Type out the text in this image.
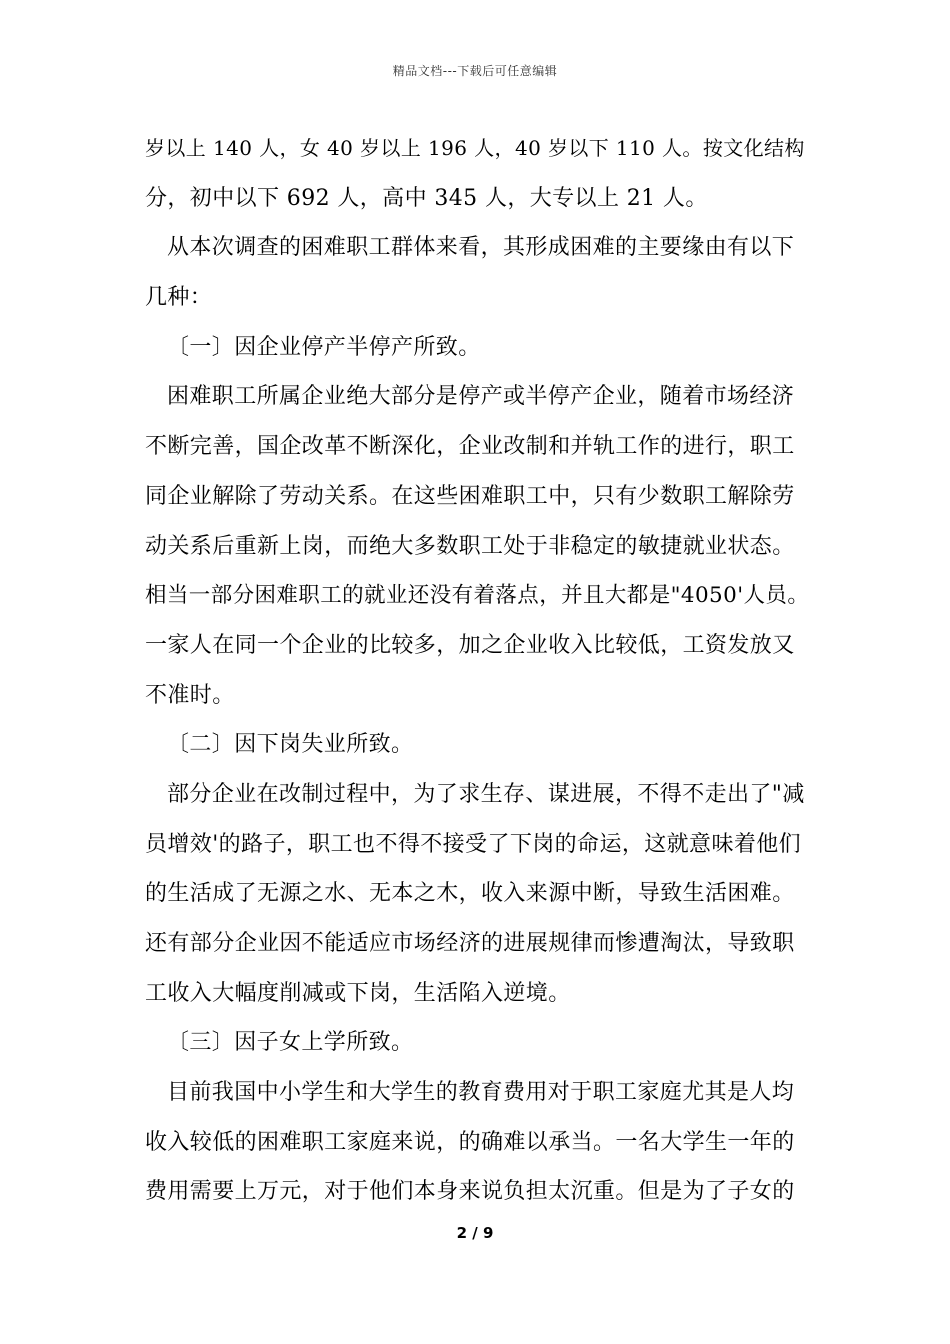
精品文档---下载后可任意编辑
岁以上 140 人，女 40 岁以上 196 人，40 岁以下 110 人。按文化结构
分，初中以下 692 人，高中 345 人，大专以上 21 人。
从本次调查的困难职工群体来看，其形成困难的主要缘由有以下
几种：
〔一〕因企业停产半停产所致。
困难职工所属企业绝大部分是停产或半停产企业，随着市场经济
不断完善，国企改革不断深化，企业改制和并轨工作的进行，职工
同企业解除了劳动关系。在这些困难职工中，只有少数职工解除劳
动关系后重新上岗，而绝大多数职工处于非稳定的敏捷就业状态。
相当一部分困难职工的就业还没有着落点，并且大都是"4050'人员。
一家人在同一个企业的比较多，加之企业收入比较低，工资发放又
不准时。
〔二〕因下岗失业所致。
部分企业在改制过程中，为了求生存、谋进展，不得不走出了"减
员增效'的路子，职工也不得不接受了下岗的命运，这就意味着他们
的生活成了无源之水、无本之木，收入来源中断，导致生活困难。
还有部分企业因不能适应市场经济的进展规律而惨遭淘汰，导致职
工收入大幅度削减或下岗，生活陷入逆境。
〔三〕因子女上学所致。
目前我国中小学生和大学生的教育费用对于职工家庭尤其是人均
收入较低的困难职工家庭来说，的确难以承当。一名大学生一年的
费用需要上万元，对于他们本身来说负担太沉重。但是为了子女的
2 / 9
